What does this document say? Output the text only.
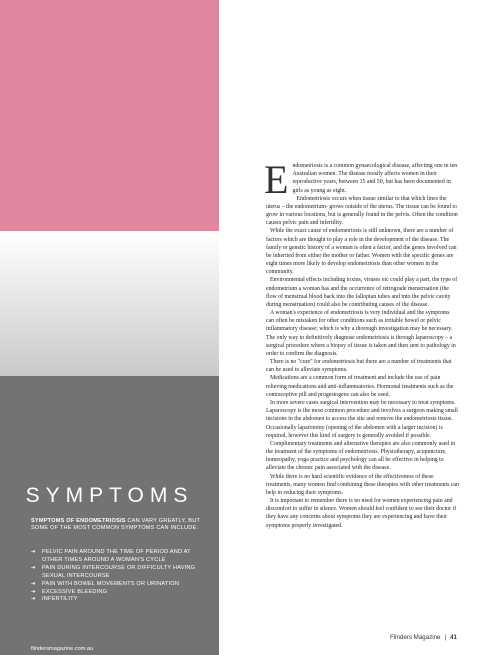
SYMPTOMS

SYMPTOMS OF ENDOMETRIOSIS CAN VARY GREATLY, BUT SOME OF THE MOST COMMON SYMPTOMS CAN INCLUDE:

➔ PELVIC PAIN AROUND THE TIME OF PERIOD AND AT OTHER TIMES AROUND A WOMAN'S CYCLE
➔ PAIN DURING INTERCOURSE OR DIFFICULTY HAVING SEXUAL INTERCOURSE
➔ PAIN WITH BOWEL MOVEMENTS OR URINATION
➔ EXCESSIVE BLEEDING
➔ INFERTILITY

flindersmagazine.com.au

Endometriosis is a common gynaecological disease, affecting one in ten Australian women. The disease mostly affects women in their reproductive years, between 15 and 50, but has been documented in girls as young as eight.

Endometriosis occurs when tissue similar to that which lines the uterus – the endometrium- grows outside of the uterus. The tissue can be found to grow in various locations, but is generally found in the pelvis. Often the condition causes pelvic pain and infertility.

While the exact cause of endometriosis is still unknown, there are a number of factors which are thought to play a role in the development of the disease. The family or genetic history of a woman is often a factor, and the genes involved can be inherited from either the mother or father. Women with the specific genes are eight times more likely to develop endometriosis than other women in the community.

Environmental effects including toxins, viruses etc could play a part, the type of endometrium a woman has and the occurrence of retrograde menstruation (the flow of menstrual blood back into the fallopian tubes and into the pelvic cavity during menstruation) could also be contributing causes of the disease.

A woman's experience of endometriosis is very individual and the symptoms can often be mistaken for other conditions such as irritable bowel or pelvic inflammatory disease; which is why a thorough investigation may be necessary. The only way to definitively diagnose endometriosis is through laparoscopy – a surgical procedure where a biopsy of tissue is taken and then sent to pathology in order to confirm the diagnosis.

There is no "cure" for endometriosis but there are a number of treatments that can be used to alleviate symptoms.

Medications are a common form of treatment and include the use of pain relieving medications and anti-inflammatories. Hormonal treatments such as the contraceptive pill and progestogens can also be used.

In more severe cases surgical intervention may be necessary to treat symptoms. Laparoscopy is the most common procedure and involves a surgeon making small incisions in the abdomen to access the site and remove the endometriosis tissue. Occasionally laparotomy (opening of the abdomen with a larger incision) is required, however this kind of surgery is generally avoided if possible.

Complimentary treatments and alternative therapies are also commonly used in the treatment of the symptoms of endometriosis. Physiotherapy, acupuncture, homeopathy, yoga practice and psychology can all be effective in helping to alleviate the chronic pain associated with the disease.

While there is no hard scientific evidence of the effectiveness of these treatments, many women find combining these therapies with other treatments can help in reducing their symptoms.

It is important to remember there is no need for women experiencing pain and discomfort to suffer in silence. Women should feel confident to see their doctor if they have any concerns about symptoms they are experiencing and have their symptoms properly investigated.

Flinders Magazine | 41
